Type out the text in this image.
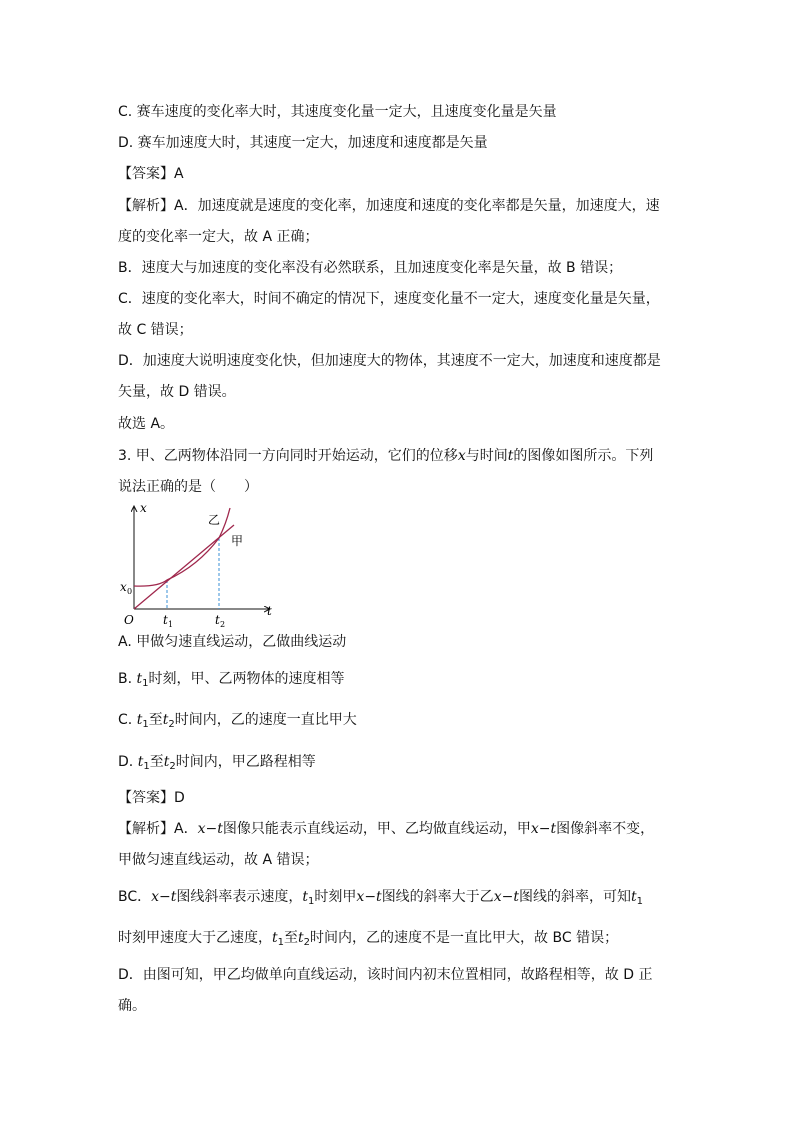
C. 赛车速度的变化率大时，其速度变化量一定大，且速度变化量是矢量
D. 赛车加速度大时，其速度一定大，加速度和速度都是矢量
【答案】A
【解析】A．加速度就是速度的变化率，加速度和速度的变化率都是矢量，加速度大，速
度的变化率一定大，故 A 正确；
B．速度大与加速度的变化率没有必然联系，且加速度变化率是矢量，故 B 错误；
C．速度的变化率大，时间不确定的情况下，速度变化量不一定大，速度变化量是矢量，
故 C 错误；
D．加速度大说明速度变化快，但加速度大的物体，其速度不一定大，加速度和速度都是
矢量，故 D 错误。
故选 A。
3. 甲、乙两物体沿同一方向同时开始运动，它们的位移x与时间t的图像如图所示。下列
说法正确的是（　　）
t
x
O
x 0
t 1	t 2
乙
甲
A. 甲做匀速直线运动，乙做曲线运动
B. $t_1$时刻，甲、乙两物体的速度相等
C. $t_1$至$t_2$时间内，乙的速度一直比甲大
D. $t_1$至$t_2$时间内，甲乙路程相等
【答案】D
【解析】A．x−t图像只能表示直线运动，甲、乙均做直线运动，甲x−t图像斜率不变，
甲做匀速直线运动，故 A 错误；
BC．x−t图线斜率表示速度，$t_1$时刻甲x−t图线的斜率大于乙x−t图线的斜率，可知$t_1$
时刻甲速度大于乙速度，$t_1$至$t_2$时间内，乙的速度不是一直比甲大，故 BC 错误；
D．由图可知，甲乙均做单向直线运动，该时间内初末位置相同，故路程相等，故 D 正
确。
